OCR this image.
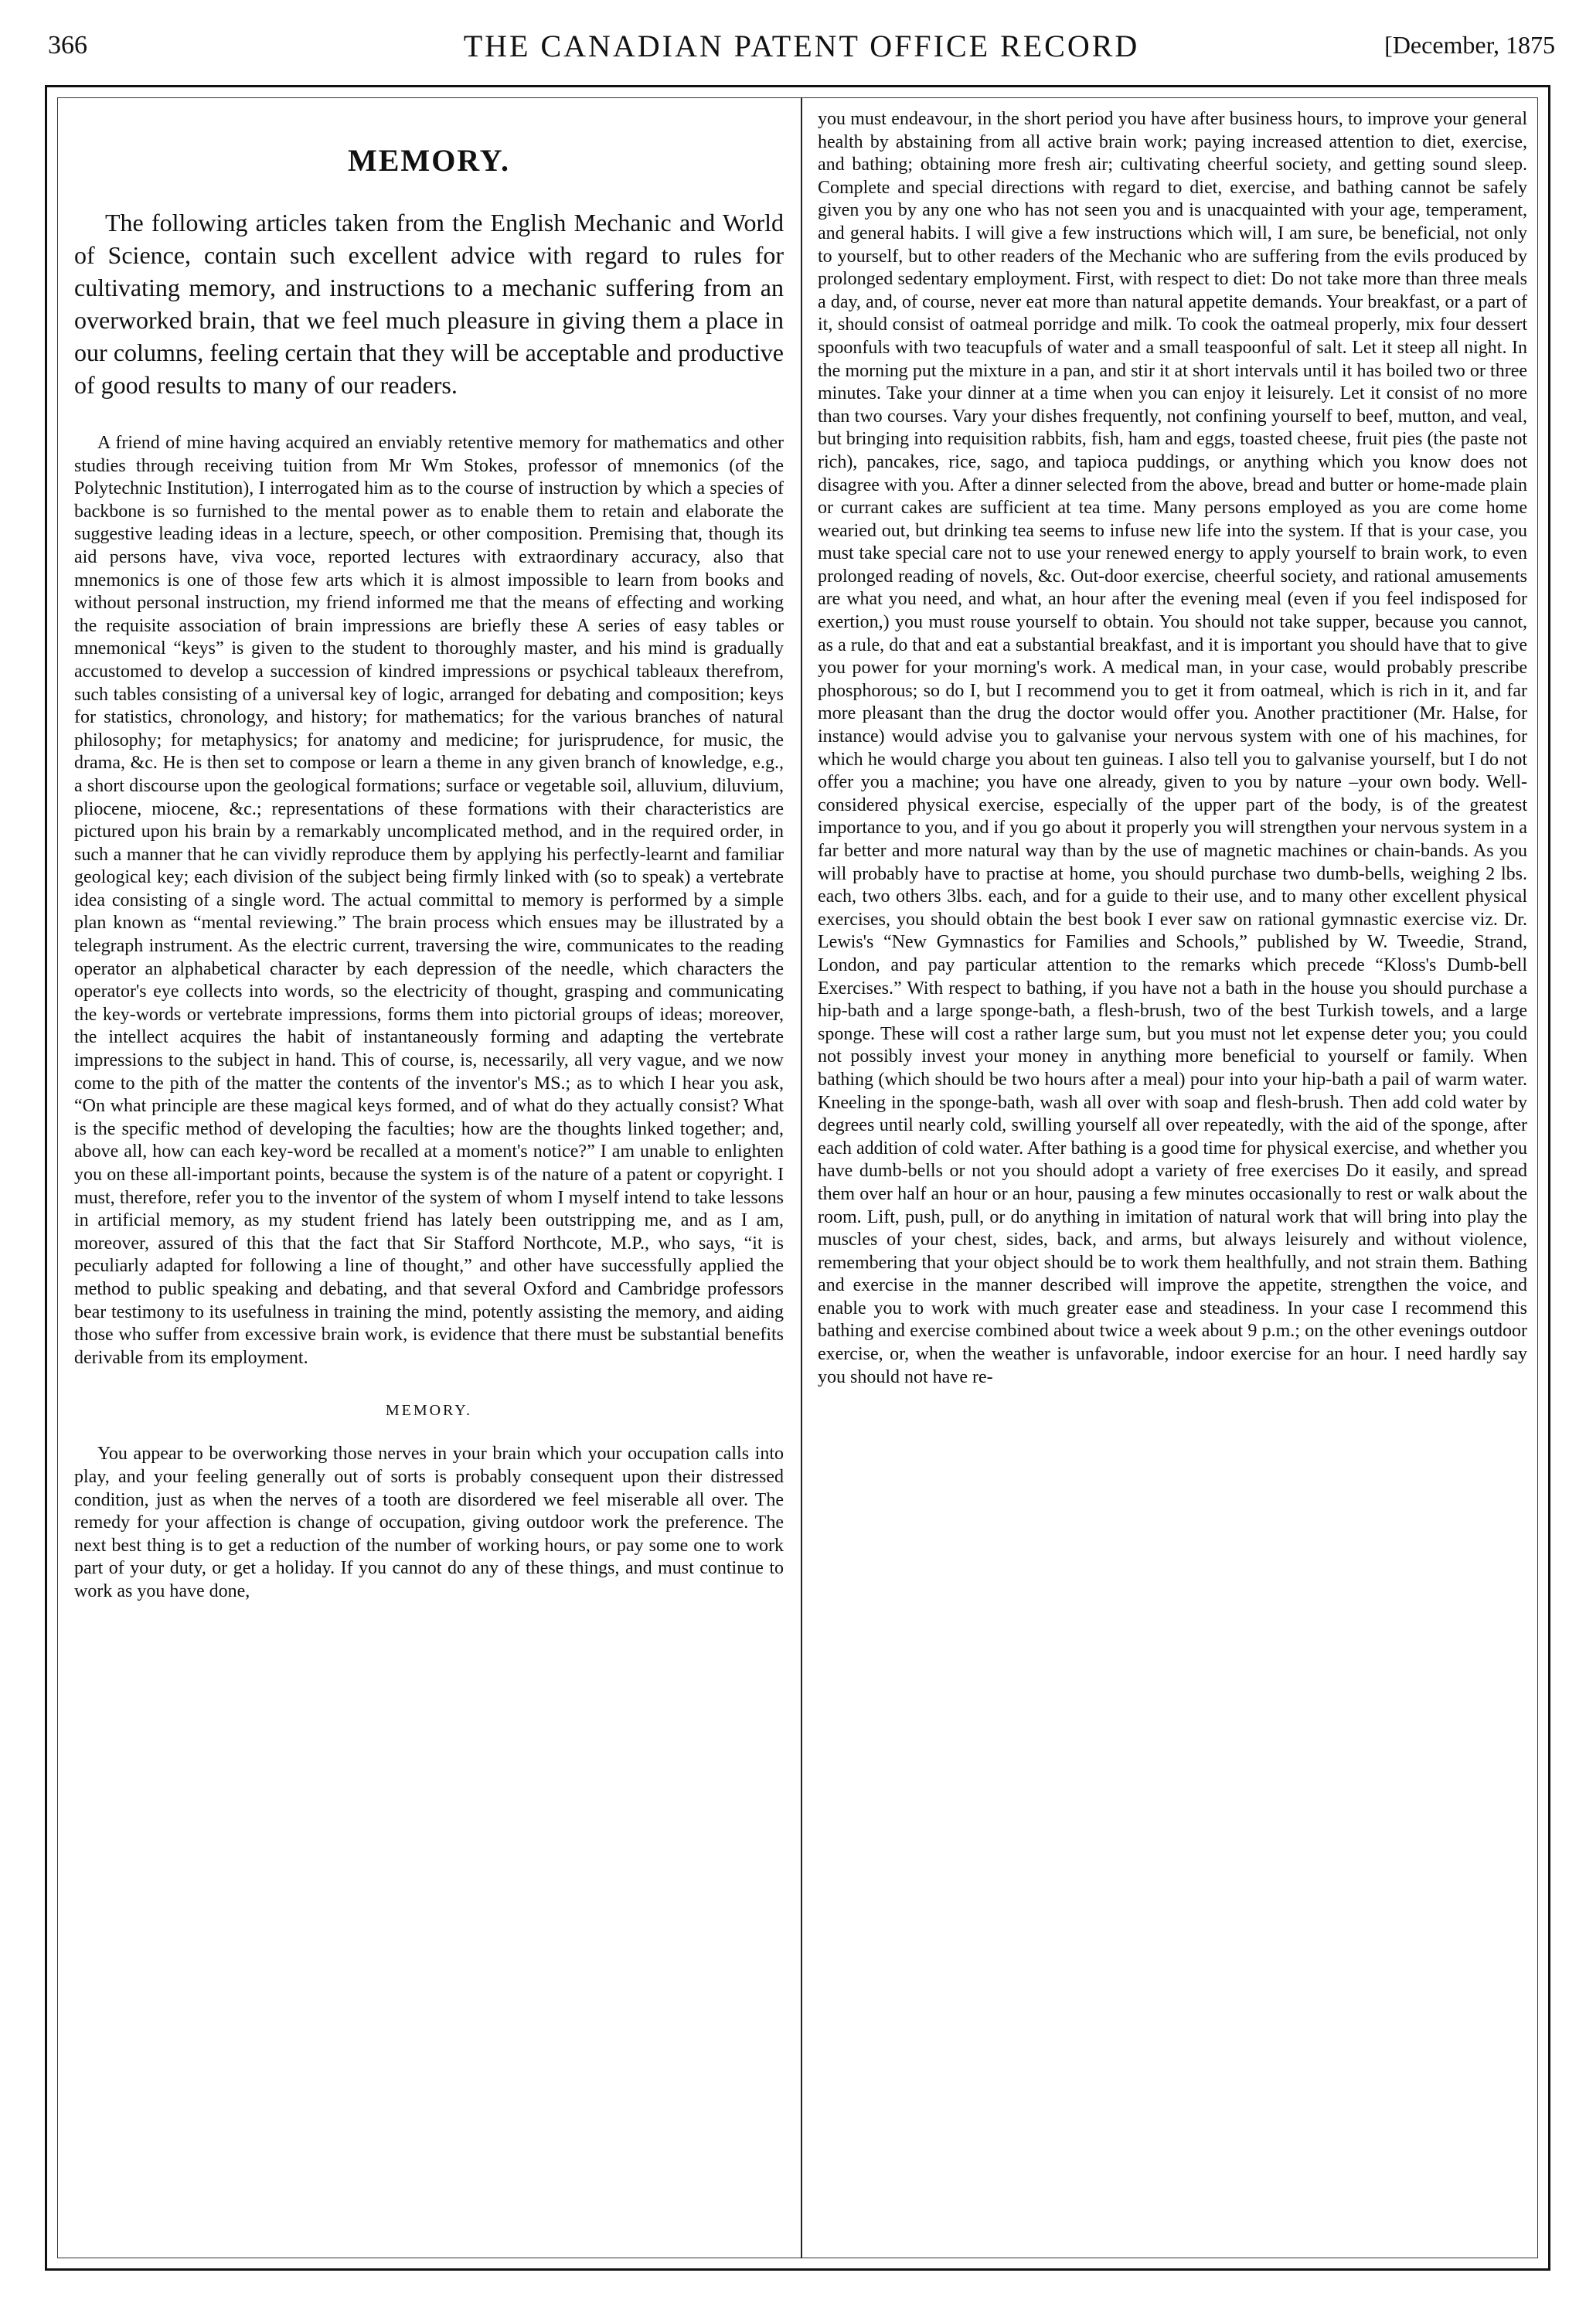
366	THE CANADIAN PATENT OFFICE RECORD	[December, 1875
MEMORY.

The following articles taken from the English Mechanic and World of Science, contain such excellent advice with regard to rules for cultivating memory, and instructions to a mechanic suffering from an overworked brain, that we feel much pleasure in giving them a place in our columns, feeling certain that they will be acceptable and productive of good results to many of our readers.

A friend of mine having acquired an enviably retentive memory for mathematics and other studies through receiving tuition from Mr Wm Stokes, professor of mnemonics (of the Polytechnic Institution), I interrogated him as to the course of instruction by which a species of backbone is so furnished to the mental power as to enable them to retain and elaborate the suggestive leading ideas in a lecture, speech, or other composition. Premising that, though its aid persons have, viva voce, reported lectures with extraordinary accuracy, also that mnemonics is one of those few arts which it is almost impossible to learn from books and without personal instruction, my friend informed me that the means of effecting and working the requisite association of brain impressions are briefly these A series of easy tables or mnemonical “keys” is given to the student to thoroughly master, and his mind is gradually accustomed to develop a succession of kindred impressions or psychical tableaux therefrom, such tables consisting of a universal key of logic, arranged for debating and composition; keys for statistics, chronology, and history; for mathematics; for the various branches of natural philosophy; for metaphysics; for anatomy and medicine; for jurisprudence, for music, the drama, &c. He is then set to compose or learn a theme in any given branch of knowledge, e.g., a short discourse upon the geological formations; surface or vegetable soil, alluvium, diluvium, pliocene, miocene, &c.; representations of these formations with their characteristics are pictured upon his brain by a remarkably uncomplicated method, and in the required order, in such a manner that he can vividly reproduce them by applying his perfectly-learnt and familiar geological key; each division of the subject being firmly linked with (so to speak) a vertebrate idea consisting of a single word. The actual committal to memory is performed by a simple plan known as “mental reviewing.” The brain process which ensues may be illustrated by a telegraph instrument. As the electric current, traversing the wire, communicates to the reading operator an alphabetical character by each depression of the needle, which characters the operator's eye collects into words, so the electricity of thought, grasping and communicating the key-words or vertebrate impressions, forms them into pictorial groups of ideas; moreover, the intellect acquires the habit of instantaneously forming and adapting the vertebrate impressions to the subject in hand. This of course, is, necessarily, all very vague, and we now come to the pith of the matter the contents of the inventor's MS.; as to which I hear you ask, “On what principle are these magical keys formed, and of what do they actually consist? What is the specific method of developing the faculties; how are the thoughts linked together; and, above all, how can each key-word be recalled at a moment's notice?” I am unable to enlighten you on these all-important points, because the system is of the nature of a patent or copyright. I must, therefore, refer you to the inventor of the system of whom I myself intend to take lessons in artificial memory, as my student friend has lately been outstripping me, and as I am, moreover, assured of this that the fact that Sir Stafford Northcote, M.P., who says, “it is peculiarly adapted for following a line of thought,” and other have successfully applied the method to public speaking and debating, and that several Oxford and Cambridge professors bear testimony to its usefulness in training the mind, potently assisting the memory, and aiding those who suffer from excessive brain work, is evidence that there must be substantial benefits derivable from its employment.

MEMORY.

You appear to be overworking those nerves in your brain which your occupation calls into play, and your feeling generally out of sorts is probably consequent upon their distressed condition, just as when the nerves of a tooth are disordered we feel miserable all over. The remedy for your affection is change of occupation, giving outdoor work the preference. The next best thing is to get a reduction of the number of working hours, or pay some one to work part of your duty, or get a holiday. If you cannot do any of these things, and must continue to work as you have done,

you must endeavour, in the short period you have after business hours, to improve your general health by abstaining from all active brain work; paying increased attention to diet, exercise, and bathing; obtaining more fresh air; cultivating cheerful society, and getting sound sleep. Complete and special directions with regard to diet, exercise, and bathing cannot be safely given you by any one who has not seen you and is unacquainted with your age, temperament, and general habits. I will give a few instructions which will, I am sure, be beneficial, not only to yourself, but to other readers of the Mechanic who are suffering from the evils produced by prolonged sedentary employment. First, with respect to diet: Do not take more than three meals a day, and, of course, never eat more than natural appetite demands. Your breakfast, or a part of it, should consist of oatmeal porridge and milk. To cook the oatmeal properly, mix four dessert spoonfuls with two teacupfuls of water and a small teaspoonful of salt. Let it steep all night. In the morning put the mixture in a pan, and stir it at short intervals until it has boiled two or three minutes. Take your dinner at a time when you can enjoy it leisurely. Let it consist of no more than two courses. Vary your dishes frequently, not confining yourself to beef, mutton, and veal, but bringing into requisition rabbits, fish, ham and eggs, toasted cheese, fruit pies (the paste not rich), pancakes, rice, sago, and tapioca puddings, or anything which you know does not disagree with you. After a dinner selected from the above, bread and butter or home-made plain or currant cakes are sufficient at tea time. Many persons employed as you are come home wearied out, but drinking tea seems to infuse new life into the system. If that is your case, you must take special care not to use your renewed energy to apply yourself to brain work, to even prolonged reading of novels, &c. Out-door exercise, cheerful society, and rational amusements are what you need, and what, an hour after the evening meal (even if you feel indisposed for exertion,) you must rouse yourself to obtain. You should not take supper, because you cannot, as a rule, do that and eat a substantial breakfast, and it is important you should have that to give you power for your morning's work. A medical man, in your case, would probably prescribe phosphorous; so do I, but I recommend you to get it from oatmeal, which is rich in it, and far more pleasant than the drug the doctor would offer you. Another practitioner (Mr. Halse, for instance) would advise you to galvanise your nervous system with one of his machines, for which he would charge you about ten guineas. I also tell you to galvanise yourself, but I do not offer you a machine; you have one already, given to you by nature –your own body. Well-considered physical exercise, especially of the upper part of the body, is of the greatest importance to you, and if you go about it properly you will strengthen your nervous system in a far better and more natural way than by the use of magnetic machines or chain-bands. As you will probably have to practise at home, you should purchase two dumb-bells, weighing 2 lbs. each, two others 3lbs. each, and for a guide to their use, and to many other excellent physical exercises, you should obtain the best book I ever saw on rational gymnastic exercise viz. Dr. Lewis's “New Gymnastics for Families and Schools,” published by W. Tweedie, Strand, London, and pay particular attention to the remarks which precede “Kloss's Dumb-bell Exercises.” With respect to bathing, if you have not a bath in the house you should purchase a hip-bath and a large sponge-bath, a flesh-brush, two of the best Turkish towels, and a large sponge. These will cost a rather large sum, but you must not let expense deter you; you could not possibly invest your money in anything more beneficial to yourself or family. When bathing (which should be two hours after a meal) pour into your hip-bath a pail of warm water. Kneeling in the sponge-bath, wash all over with soap and flesh-brush. Then add cold water by degrees until nearly cold, swilling yourself all over repeatedly, with the aid of the sponge, after each addition of cold water. After bathing is a good time for physical exercise, and whether you have dumb-bells or not you should adopt a variety of free exercises Do it easily, and spread them over half an hour or an hour, pausing a few minutes occasionally to rest or walk about the room. Lift, push, pull, or do anything in imitation of natural work that will bring into play the muscles of your chest, sides, back, and arms, but always leisurely and without violence, remembering that your object should be to work them healthfully, and not strain them. Bathing and exercise in the manner described will improve the appetite, strengthen the voice, and enable you to work with much greater ease and steadiness. In your case I recommend this bathing and exercise combined about twice a week about 9 p.m.; on the other evenings outdoor exercise, or, when the weather is unfavorable, indoor exercise for an hour. I need hardly say you should not have re-
